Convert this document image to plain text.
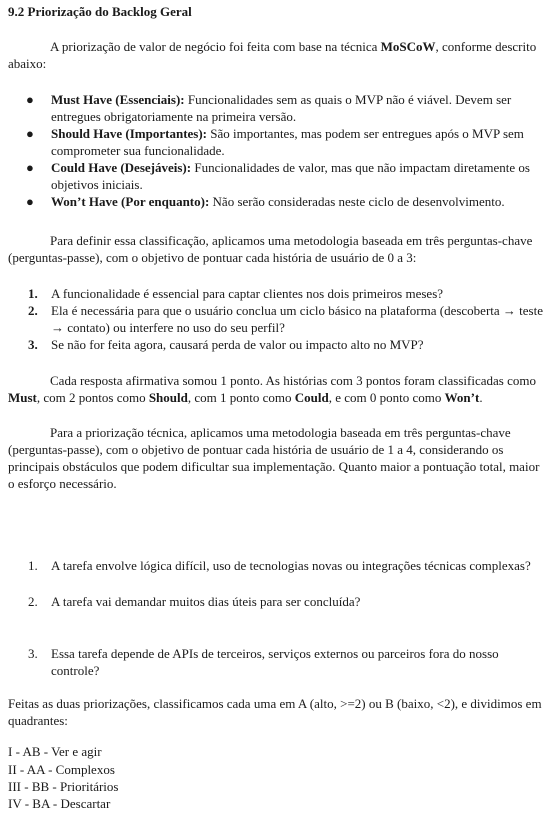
9.2 Priorização do Backlog Geral
A priorização de valor de negócio foi feita com base na técnica MoSCoW, conforme descrito abaixo:
● Must Have (Essenciais): Funcionalidades sem as quais o MVP não é viável. Devem ser entregues obrigatoriamente na primeira versão.
● Should Have (Importantes): São importantes, mas podem ser entregues após o MVP sem comprometer sua funcionalidade.
● Could Have (Desejáveis): Funcionalidades de valor, mas que não impactam diretamente os objetivos iniciais.
● Won’t Have (Por enquanto): Não serão consideradas neste ciclo de desenvolvimento.
Para definir essa classificação, aplicamos uma metodologia baseada em três perguntas-chave (perguntas-passe), com o objetivo de pontuar cada história de usuário de 0 a 3:
1. A funcionalidade é essencial para captar clientes nos dois primeiros meses?
2. Ela é necessária para que o usuário conclua um ciclo básico na plataforma (descoberta → teste → contato) ou interfere no uso do seu perfil?
3. Se não for feita agora, causará perda de valor ou impacto alto no MVP?
Cada resposta afirmativa somou 1 ponto. As histórias com 3 pontos foram classificadas como Must, com 2 pontos como Should, com 1 ponto como Could, e com 0 ponto como Won’t.
Para a priorização técnica, aplicamos uma metodologia baseada em três perguntas-chave (perguntas-passe), com o objetivo de pontuar cada história de usuário de 1 a 4, considerando os principais obstáculos que podem dificultar sua implementação. Quanto maior a pontuação total, maior o esforço necessário.
1. A tarefa envolve lógica difícil, uso de tecnologias novas ou integrações técnicas complexas?
2. A tarefa vai demandar muitos dias úteis para ser concluída?
3. Essa tarefa depende de APIs de terceiros, serviços externos ou parceiros fora do nosso controle?
Feitas as duas priorizações, classificamos cada uma em A (alto, >=2) ou B (baixo, <2), e dividimos em quadrantes:
I - AB - Ver e agir
II - AA - Complexos
III - BB - Prioritários
IV - BA - Descartar
